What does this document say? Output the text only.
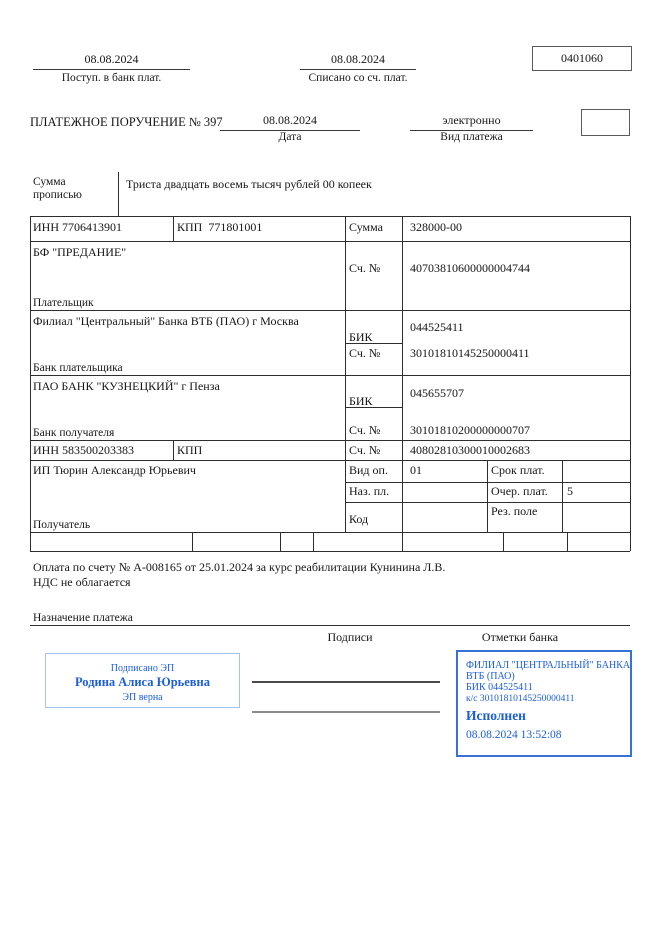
08.08.2024
Поступ. в банк плат.
08.08.2024
Списано со сч. плат.
0401060
ПЛАТЕЖНОЕ ПОРУЧЕНИЕ № 397	08.08.2024
Дата
электронно
Вид платежа
Сумма прописью
Триста двадцать восемь тысяч рублей 00 копеек
ИНН 7706413901	КПП  771801001	Сумма 328000-00
БФ "ПРЕДАНИЕ"
Сч. № 40703810600000004744
Плательщик
Филиал "Центральный" Банка ВТБ (ПАО) г Москва	044525411
БИК
Сч. № 30101810145250000411
Банк плательщика
ПАО БАНК "КУЗНЕЦКИЙ" г Пенза	045655707
БИК
Сч. № 30101810200000000707
Банк получателя
ИНН 583500203383	КПП	Сч. № 40802810300010002683
ИП Тюрин Александр Юрьевич	Вид оп. 01	Срок плат.
Наз. пл.	Очер. плат. 5
Код
Рез. поле
Получатель
Оплата по счету № А-008165 от 25.01.2024 за курс реабилитации Кунинина Л.В.
НДС не облагается
Назначение платежа
Подписи	Отметки банка
Подписано ЭП
Родина Алиса Юрьевна
ЭП верна
ФИЛИАЛ "ЦЕНТРАЛЬНЫЙ" БАНКА
ВТБ (ПАО)
БИК 044525411
к/с 30101810145250000411
Исполнен
08.08.2024 13:52:08
